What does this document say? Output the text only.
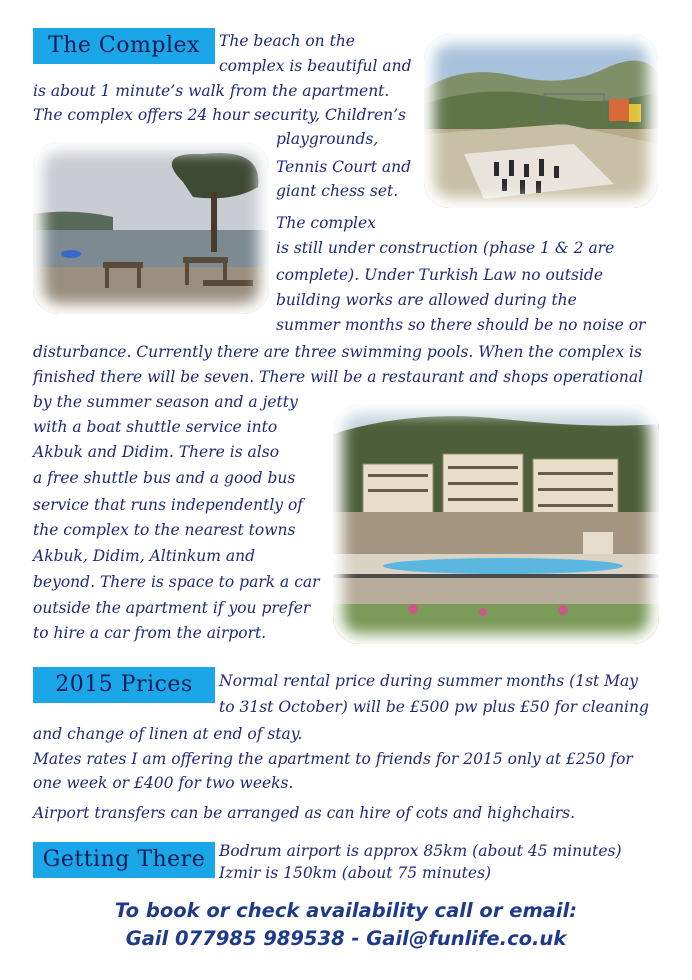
The Complex	The beach on the
complex is beautiful and
is about 1 minute’s walk from the apartment.
The complex offers 24 hour security, Children’s
playgrounds,
Tennis Court and
giant chess set.
The complex
is still under construction (phase 1 & 2 are
complete). Under Turkish Law no outside
building works are allowed during the
summer months so there should be no noise or
disturbance. Currently there are three swimming pools. When the complex is
finished there will be seven. There will be a restaurant and shops operational
by the summer season and a jetty
with a boat shuttle service into
Akbuk and Didim. There is also
a free shuttle bus and a good bus
service that runs independently of
the complex to the nearest towns
Akbuk, Didim, Altinkum and
beyond. There is space to park a car
outside the apartment if you prefer
to hire a car from the airport.
2015 Prices	Normal rental price during summer months (1st May
to 31st October) will be £500 pw plus £50 for cleaning
and change of linen at end of stay.
Mates rates I am offering the apartment to friends for 2015 only at £250 for
one week or £400 for two weeks.
Airport transfers can be arranged as can hire of cots and highchairs.
Getting There Bodrum airport is approx 85km (about 45 minutes)
Izmir is 150km (about 75 minutes)
To book or check availability call or email:
Gail 077985 989538 - Gail@funlife.co.uk
